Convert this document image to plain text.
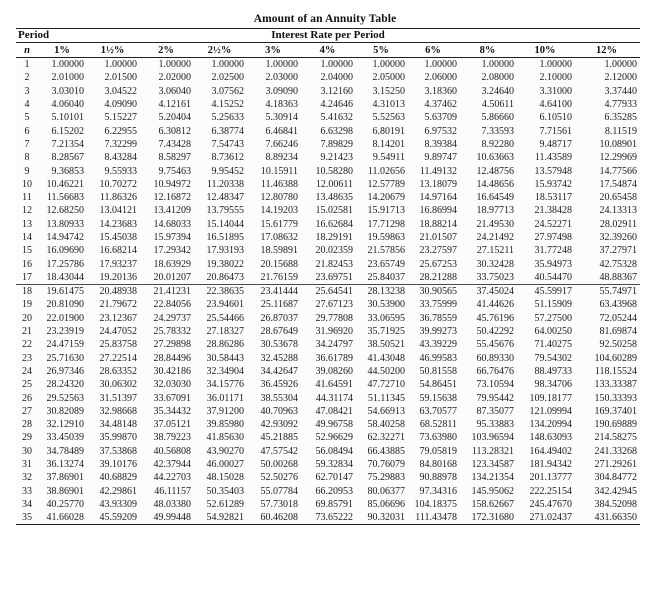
Amount of an Annuity Table
Period	Interest Rate per Period
n	1%	1½%	2%	2½%	3%	4%	5%	6%	8%	10%	12%
1	1.00000	1.00000	1.00000	1.00000	1.00000	1.00000	1.00000	1.00000	1.00000	1.00000	1.00000
2	2.01000	2.01500	2.02000	2.02500	2.03000	2.04000	2.05000	2.06000	2.08000	2.10000	2.12000
3	3.03010	3.04522	3.06040	3.07562	3.09090	3.12160	3.15250	3.18360	3.24640	3.31000	3.37440
4	4.06040	4.09090	4.12161	4.15252	4.18363	4.24646	4.31013	4.37462	4.50611	4.64100	4.77933
5	5.10101	5.15227	5.20404	5.25633	5.30914	5.41632	5.52563	5.63709	5.86660	6.10510	6.35285
6	6.15202	6.22955	6.30812	6.38774	6.46841	6.63298	6.80191	6.97532	7.33593	7.71561	8.11519
7	7.21354	7.32299	7.43428	7.54743	7.66246	7.89829	8.14201	8.39384	8.92280	9.48717	10.08901
8	8.28567	8.43284	8.58297	8.73612	8.89234	9.21423	9.54911	9.89747	10.63663	11.43589	12.29969
9	9.36853	9.55933	9.75463	9.95452	10.15911	10.58280	11.02656	11.49132	12.48756	13.57948	14.77566
10	10.46221	10.70272	10.94972	11.20338	11.46388	12.00611	12.57789	13.18079	14.48656	15.93742	17.54874
11	11.56683	11.86326	12.16872	12.48347	12.80780	13.48635	14.20679	14.97164	16.64549	18.53117	20.65458
12	12.68250	13.04121	13.41209	13.79555	14.19203	15.02581	15.91713	16.86994	18.97713	21.38428	24.13313
13	13.80933	14.23683	14.68033	15.14044	15.61779	16.62684	17.71298	18.88214	21.49530	24.52271	28.02911
14	14.94742	15.45038	15.97394	16.51895	17.08632	18.29191	19.59863	21.01507	24.21492	27.97498	32.39260
15	16.09690	16.68214	17.29342	17.93193	18.59891	20.02359	21.57856	23.27597	27.15211	31.77248	37.27971
16	17.25786	17.93237	18.63929	19.38022	20.15688	21.82453	23.65749	25.67253	30.32428	35.94973	42.75328
17	18.43044	19.20136	20.01207	20.86473	21.76159	23.69751	25.84037	28.21288	33.75023	40.54470	48.88367
18	19.61475	20.48938	21.41231	22.38635	23.41444	25.64541	28.13238	30.90565	37.45024	45.59917	55.74971
19	20.81090	21.79672	22.84056	23.94601	25.11687	27.67123	30.53900	33.75999	41.44626	51.15909	63.43968
20	22.01900	23.12367	24.29737	25.54466	26.87037	29.77808	33.06595	36.78559	45.76196	57.27500	72.05244
21	23.23919	24.47052	25.78332	27.18327	28.67649	31.96920	35.71925	39.99273	50.42292	64.00250	81.69874
22	24.47159	25.83758	27.29898	28.86286	30.53678	34.24797	38.50521	43.39229	55.45676	71.40275	92.50258
23	25.71630	27.22514	28.84496	30.58443	32.45288	36.61789	41.43048	46.99583	60.89330	79.54302	104.60289
24	26.97346	28.63352	30.42186	32.34904	34.42647	39.08260	44.50200	50.81558	66.76476	88.49733	118.15524
25	28.24320	30.06302	32.03030	34.15776	36.45926	41.64591	47.72710	54.86451	73.10594	98.34706	133.33387
26	29.52563	31.51397	33.67091	36.01171	38.55304	44.31174	51.11345	59.15638	79.95442	109.18177	150.33393
27	30.82089	32.98668	35.34432	37.91200	40.70963	47.08421	54.66913	63.70577	87.35077	121.09994	169.37401
28	32.12910	34.48148	37.05121	39.85980	42.93092	49.96758	58.40258	68.52811	95.33883	134.20994	190.69889
29	33.45039	35.99870	38.79223	41.85630	45.21885	52.96629	62.32271	73.63980	103.96594	148.63093	214.58275
30	34.78489	37.53868	40.56808	43.90270	47.57542	56.08494	66.43885	79.05819	113.28321	164.49402	241.33268
31	36.13274	39.10176	42.37944	46.00027	50.00268	59.32834	70.76079	84.80168	123.34587	181.94342	271.29261
32	37.86901	40.68829	44.22703	48.15028	52.50276	62.70147	75.29883	90.88978	134.21354	201.13777	304.84772
33	38.86901	42.29861	46.11157	50.35403	55.07784	66.20953	80.06377	97.34316	145.95062	222.25154	342.42945
34	40.25770	43.93309	48.03380	52.61289	57.73018	69.85791	85.06696 104.18375	158.62667	245.47670	384.52098
35	41.66028	45.59209	49.99448	54.92821	60.46208	73.65222	90.32031	111.43478	172.31680	271.02437	431.66350
